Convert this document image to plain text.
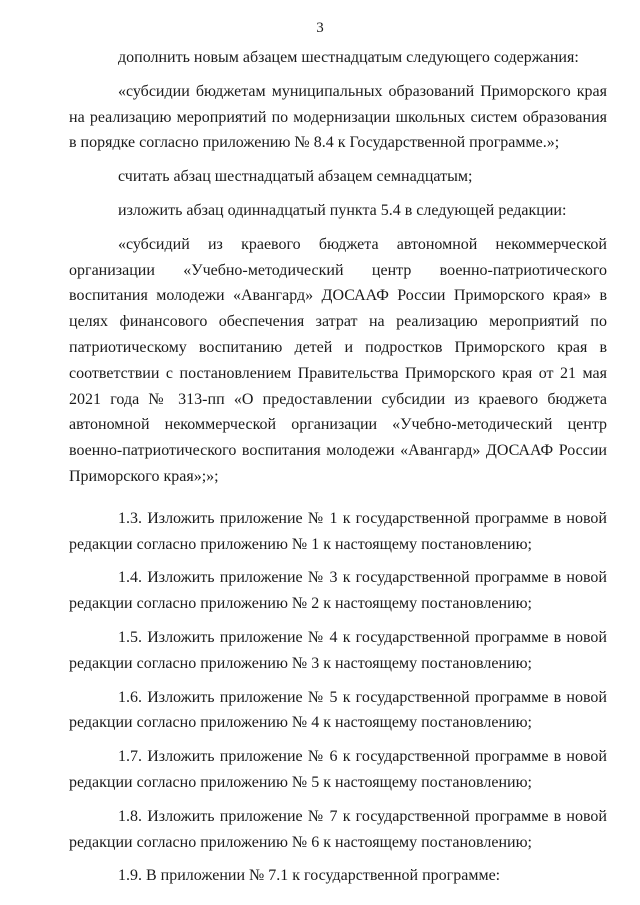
3

дополнить новым абзацем шестнадцатым следующего содержания:

«субсидии бюджетам муниципальных образований Приморского края на реализацию мероприятий по модернизации школьных систем образования в порядке согласно приложению № 8.4 к Государственной программе.»;

считать абзац шестнадцатый абзацем семнадцатым;

изложить абзац одиннадцатый пункта 5.4 в следующей редакции:

«субсидий из краевого бюджета автономной некоммерческой организации «Учебно-методический центр военно-патриотического воспитания молодежи «Авангард» ДОСААФ России Приморского края» в целях финансового обеспечения затрат на реализацию мероприятий по патриотическому воспитанию детей и подростков Приморского края в соответствии с постановлением Правительства Приморского края от 21 мая 2021 года № 313-пп «О предоставлении субсидии из краевого бюджета автономной некоммерческой организации «Учебно-методический центр военно-патриотического воспитания молодежи «Авангард» ДОСААФ России Приморского края»;»;

1.3. Изложить приложение № 1 к государственной программе в новой редакции согласно приложению № 1 к настоящему постановлению;

1.4. Изложить приложение № 3 к государственной программе в новой редакции согласно приложению № 2 к настоящему постановлению;

1.5. Изложить приложение № 4 к государственной программе в новой редакции согласно приложению № 3 к настоящему постановлению;

1.6. Изложить приложение № 5 к государственной программе в новой редакции согласно приложению № 4 к настоящему постановлению;

1.7. Изложить приложение № 6 к государственной программе в новой редакции согласно приложению № 5 к настоящему постановлению;

1.8. Изложить приложение № 7 к государственной программе в новой редакции согласно приложению № 6 к настоящему постановлению;

1.9. В приложении № 7.1 к государственной программе:
